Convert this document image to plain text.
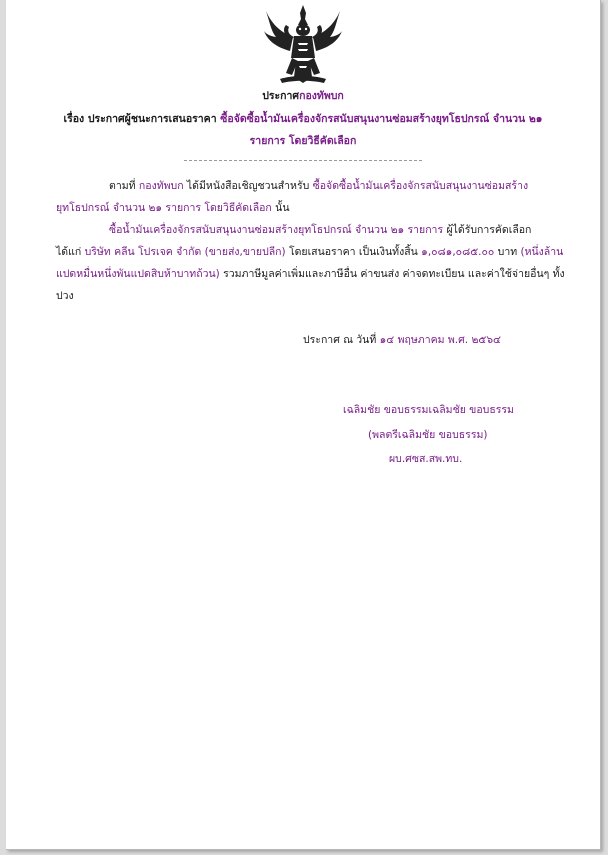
ประกาศกองทัพบก
เรื่อง ประกาศผู้ชนะการเสนอราคา ซื้อจัดซื้อน้ำมันเครื่องจักรสนับสนุนงานซ่อมสร้างยุทโธปกรณ์ จำนวน ๒๑
รายการ โดยวิธีคัดเลือก
ตามที่ กองทัพบก ได้มีหนังสือเชิญชวนสำหรับ ซื้อจัดซื้อน้ำมันเครื่องจักรสนับสนุนงานซ่อมสร้าง
ยุทโธปกรณ์ จำนวน ๒๑ รายการ โดยวิธีคัดเลือก นั้น
ซื้อน้ำมันเครื่องจักรสนับสนุนงานซ่อมสร้างยุทโธปกรณ์ จำนวน ๒๑ รายการ ผู้ได้รับการคัดเลือก
ได้แก่ บริษัท คลีน โปรเจค จำกัด (ขายส่ง,ขายปลีก) โดยเสนอราคา เป็นเงินทั้งสิ้น ๑,๐๘๑,๐๘๕.๐๐ บาท (หนึ่งล้าน
แปดหมื่นหนึ่งพันแปดสิบห้าบาทถ้วน) รวมภาษีมูลค่าเพิ่มและภาษีอื่น ค่าขนส่ง ค่าจดทะเบียน และค่าใช้จ่ายอื่นๆ ทั้ง
ปวง
ประกาศ ณ วันที่ ๑๔ พฤษภาคม พ.ศ. ๒๕๖๔
เฉลิมชัย ขอบธรรมเฉลิมชัย ขอบธรรม
(พลตรีเฉลิมชัย ขอบธรรม)
ผบ.ศซส.สพ.ทบ.
